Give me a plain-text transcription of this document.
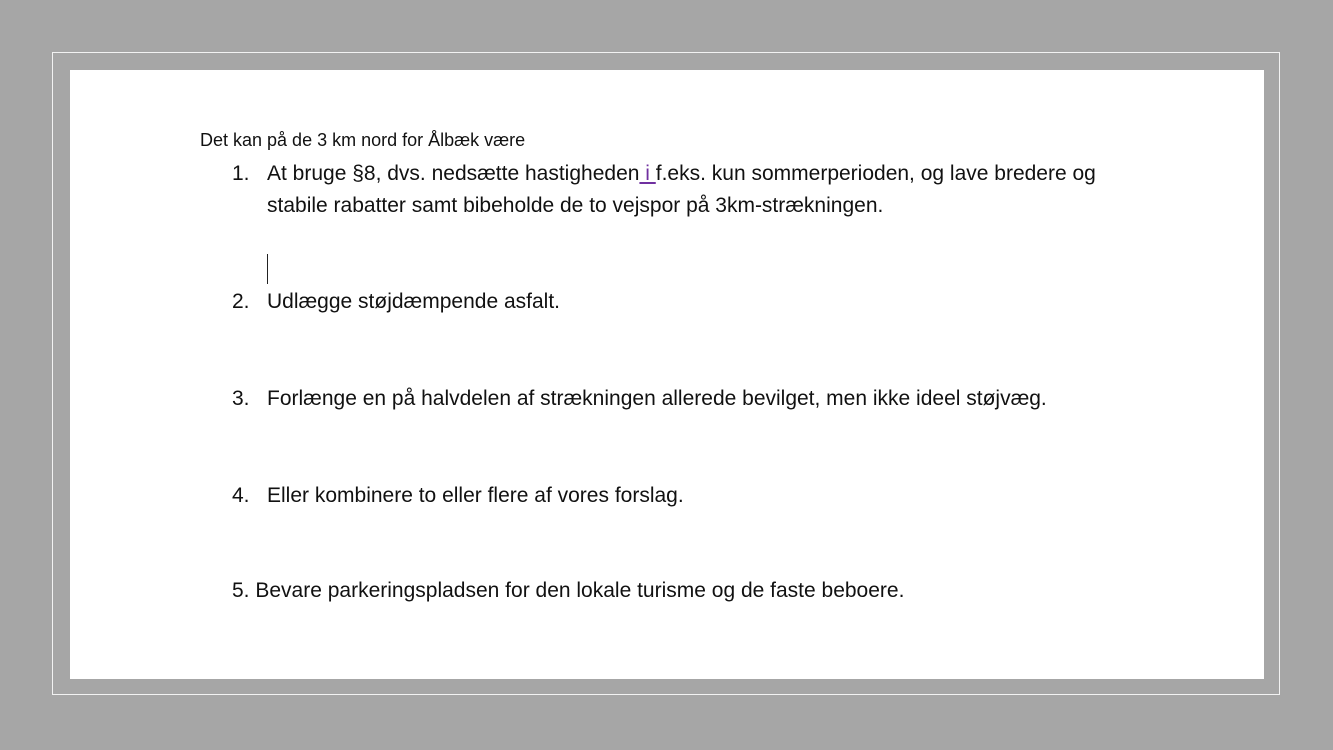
Det kan på de 3 km nord for Ålbæk være
1. At bruge §8, dvs. nedsætte hastigheden i f.eks. kun sommerperioden, og lave bredere og stabile rabatter samt bibeholde de to vejspor på 3km-strækningen.
2. Udlægge støjdæmpende asfalt.
3. Forlænge en på halvdelen af strækningen allerede bevilget, men ikke ideel støjvæg.
4. Eller kombinere to eller flere af vores forslag.
5. Bevare parkeringspladsen for den lokale turisme og de faste beboere.
